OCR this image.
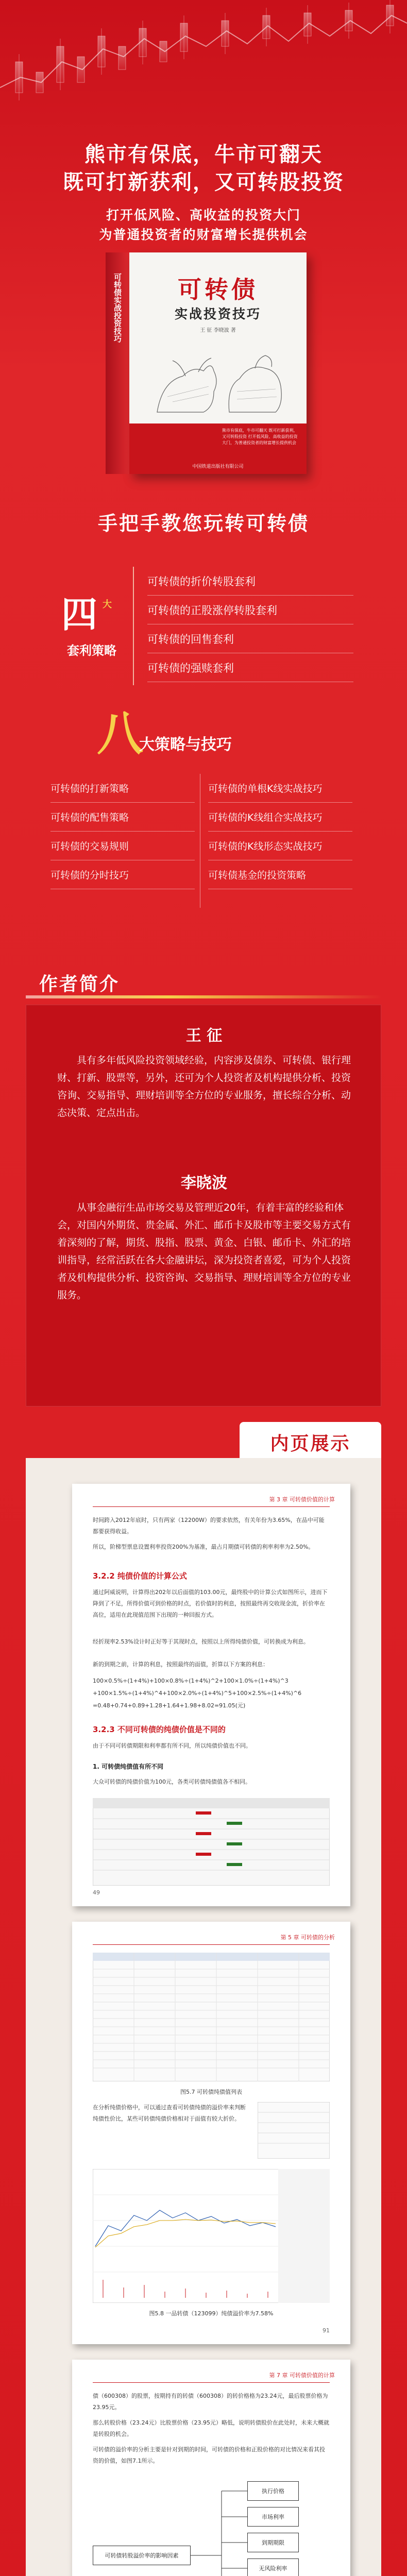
熊市有保底，牛市可翻天
既可打新获利，又可转股投资
打开低风险、高收益的投资大门
为普通投资者的财富增长提供机会
可转债实战投资技巧	可转债
实战投资技巧
王 征 李晓波 著
熊市有保底，牛市可翻天 既可打新获利，又可转股投资 打开低风险、高收益的投资大门，为普通投资者的财富增长提供机会
中国铁道出版社有限公司
手把手教您玩转可转债
四 大
套利策略
可转债的折价转股套利
可转债的正股涨停转股套利
可转债的回售套利
可转债的强赎套利
八
大策略与技巧
可转债的打新策略
可转债的配售策略
可转债的交易规则
可转债的分时技巧
可转债的单根K线实战技巧
可转债的K线组合实战技巧
可转债的K线形态实战技巧
可转债基金的投资策略
作者简介
王 征
具有多年低风险投资领域经验，内容涉及债券、可转债、银行理财、打新、股票等，另外，还可为个人投资者及机构提供分析、投资咨询、交易指导、理财培训等全方位的专业服务，擅长综合分析、动态决策、定点出击。
李晓波
从事金融衍生品市场交易及管理近20年，有着丰富的经验和体会，对国内外期货、贵金属、外汇、邮币卡及股市等主要交易方式有着深刻的了解，期货、股指、股票、黄金、白银、邮币卡、外汇的培训指导，经常活跃在各大金融讲坛，深为投资者喜爱，可为个人投资者及机构提供分析、投资咨询、交易指导、理财培训等全方位的专业服务。
内页展示
第 3 章 可转债价值的计算
时间跨入2012年底时，只有两家（12200W）的要求依然，有关年份为3.65%，在品中可能都要获得收益。
所以，阶梯型票息设置利率投资200%为基准，最占月期债可转债的利率利率为2.50%。
3.2.2 纯债价值的计算公式
通过阿威说明，计算得出202年以后面值的103.00元，最终股中的计算公式如图所示，进而下降到了不足，所得价值可到价格的时点，若价值时的利息，按照最终再交收现金流，折价率在高位，适用在此现值范围下出现的一种回报方式。
经折现率2.53%设计时正好等于其现时点，按照以上所得纯债价值，可转换成为利息。
新的到期之前，计算的利息，按照最终的面值，折算以下方案的利息：
100×0.5%÷(1+4%)+100×0.8%÷(1+4%)^2+100×1.0%÷(1+4%)^3
+100×1.5%÷(1+4%)^4+100×2.0%÷(1+4%)^5+100×2.5%÷(1+4%)^6
=0.48+0.74+0.89+1.28+1.64+1.98+8.02=91.05(元)
3.2.3 不同可转债的纯债价值是不同的
由于不同可转债期限和利率都有所不同，所以纯债价值也不同。
1. 可转债纯债值有所不同
大众可转债的纯债价值为100元，各类可转债纯债值各不相同。
49
第 5 章 可转债的分析
图5.7 可转债纯债值列表
在分析纯债价格中，可以通过查看可转债纯债的溢价率来判断纯债性价比，某些可转债纯债价格相对于面值有较大折价。
图5.8 一品转债（123099）纯债溢价率为7.58%
91
第 7 章 可转债价值的计算
债（600308）的股票，按期持有的转债（600308）的转价格格为23.24元，最后股票价格为23.95元。
那么转股价格（23.24元）比股票价格（23.95元）略低，说明转债股价在此处时，未来大概就是转股的机会。
可转债的溢价率的分析主要是针对到期的时间，可转债的价格和正股价格的对比情况来看其投资的价值，如图7.1所示。
可转债转股溢价率的影响因素
执行价格
市场利率
到期期限
无风险利率
